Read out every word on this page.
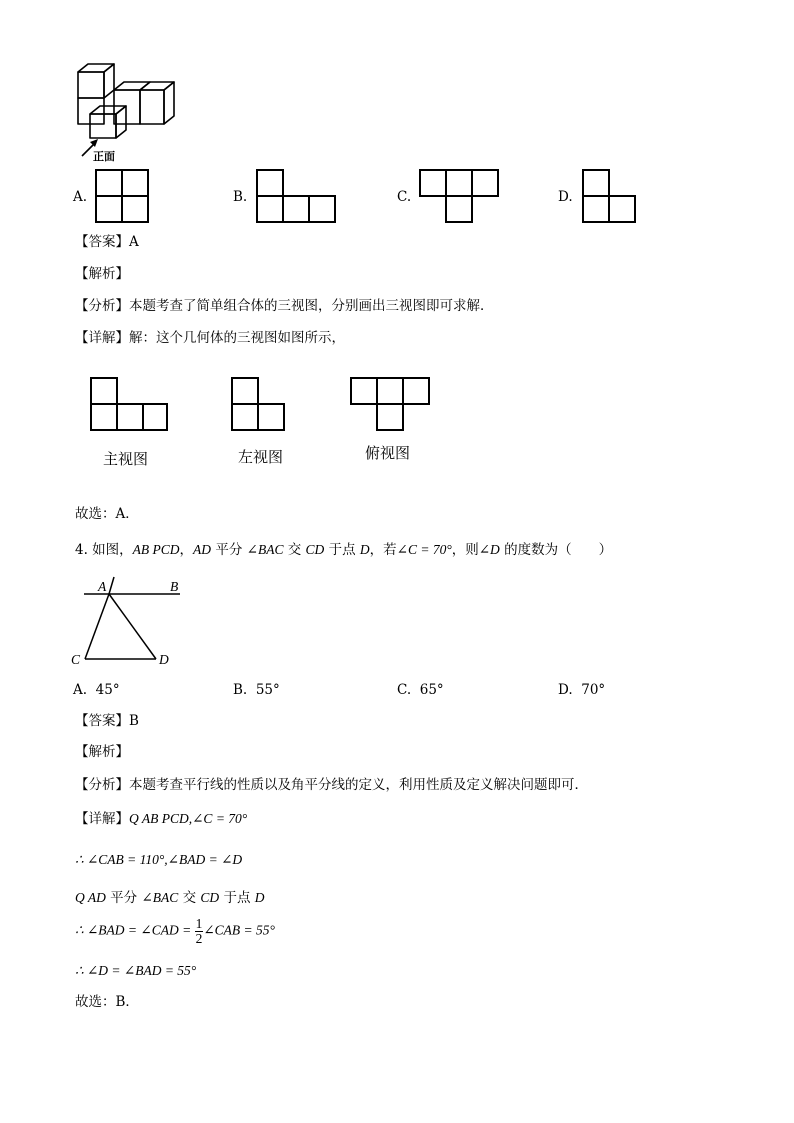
正面
A.	B.	C.	D.
【答案】A
【解析】
【分析】本题考查了简单组合体的三视图，分别画出三视图即可求解．
【详解】解：这个几何体的三视图如图所示，
主视图	左视图	俯视图
故选：A．
4. 如图，AB PCD，AD 平分 ∠BAC 交 CD 于点 D，若∠C = 70°，则∠D 的度数为（　　）
A	B
C	D
A. 45°	B. 55°	C. 65°	D. 70°
【答案】B
【解析】
【分析】本题考查平行线的性质以及角平分线的定义，利用性质及定义解决问题即可．
【详解】Q AB PCD,∠C = 70°
∴ ∠CAB = 110°,∠BAD = ∠D
Q AD 平分 ∠BAC 交 CD 于点 D
∴ ∠BAD = ∠CAD = $\frac{1}{2}$ ∠CAB = 55°
∴ ∠D = ∠BAD = 55°
故选：B．
